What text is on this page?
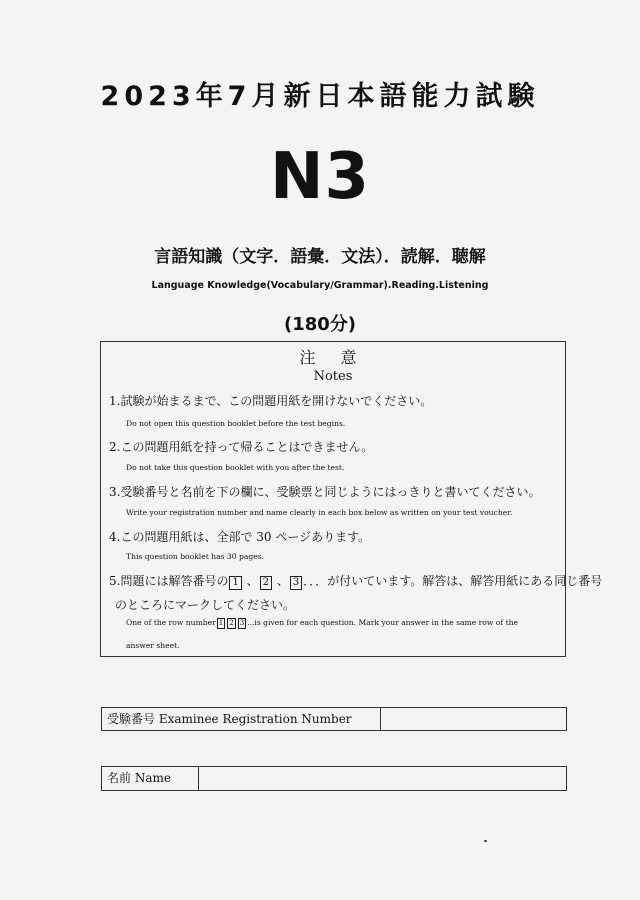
2023年7月新日本語能力試験
N3
言語知識（文字．語彙．文法）．読解．聴解
Language Knowledge(Vocabulary/Grammar).Reading.Listening
(180分)
注 意
Notes
1.試験が始まるまで、この問題用紙を開けないでください。
Do not open this question booklet before the test begins.
2.この問題用紙を持って帰ることはできません。
Do not take this question booklet with you after the test.
3.受験番号と名前を下の欄に、受験票と同じようにはっきりと書いてください。
Write your registration number and name clearly in each box below as written on your test voucher.
4.この問題用紙は、全部で 30 ページあります。
This question booklet has 30 pages.
5.問題には解答番号の 1 、 2 、 3 ．．．が付いています。解答は、解答用紙にある同じ番号
のところにマークしてください。
One of the row number 1 2 3 ...is given for each question. Mark your answer in the same row of the
answer sheet.
受験番号 Examinee Registration Number
名前 Name
